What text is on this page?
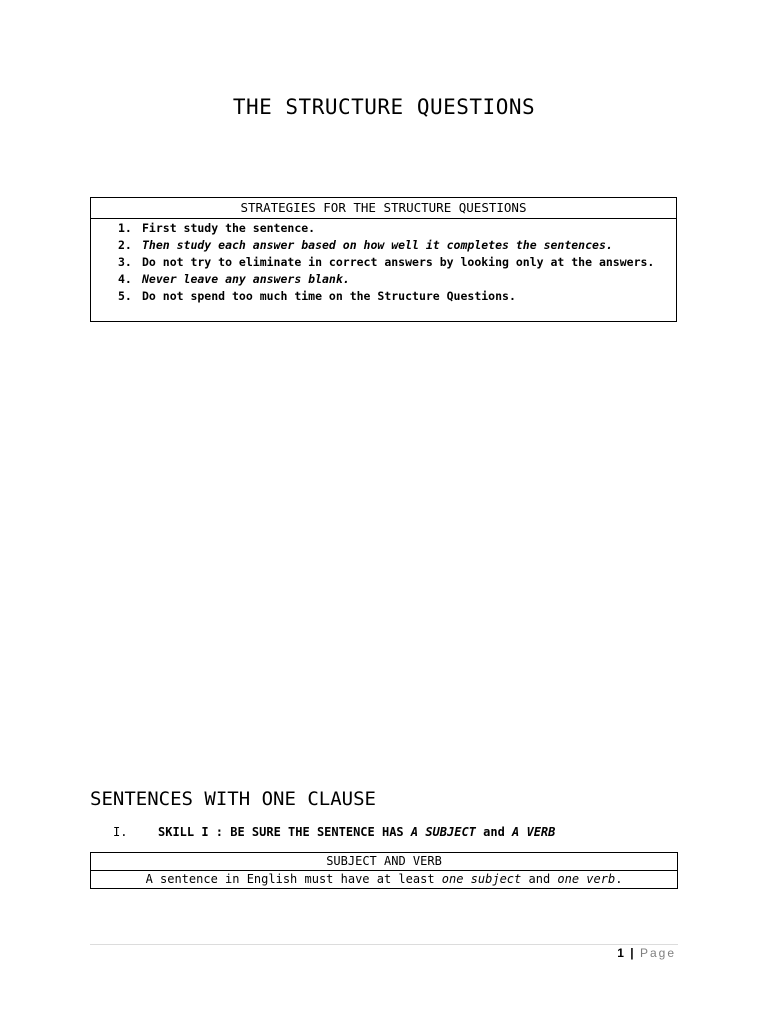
THE STRUCTURE QUESTIONS
STRATEGIES FOR THE STRUCTURE QUESTIONS
1. First study the sentence.
2. Then study each answer based on how well it completes the sentences.
3. Do not try to eliminate in correct answers by looking only at the answers.
4. Never leave any answers blank.
5. Do not spend too much time on the Structure Questions.
SENTENCES WITH ONE CLAUSE
I.	SKILL I : BE SURE THE SENTENCE HAS A SUBJECT and A VERB
SUBJECT AND VERB
A sentence in English must have at least one subject and one verb.
1 | Page
